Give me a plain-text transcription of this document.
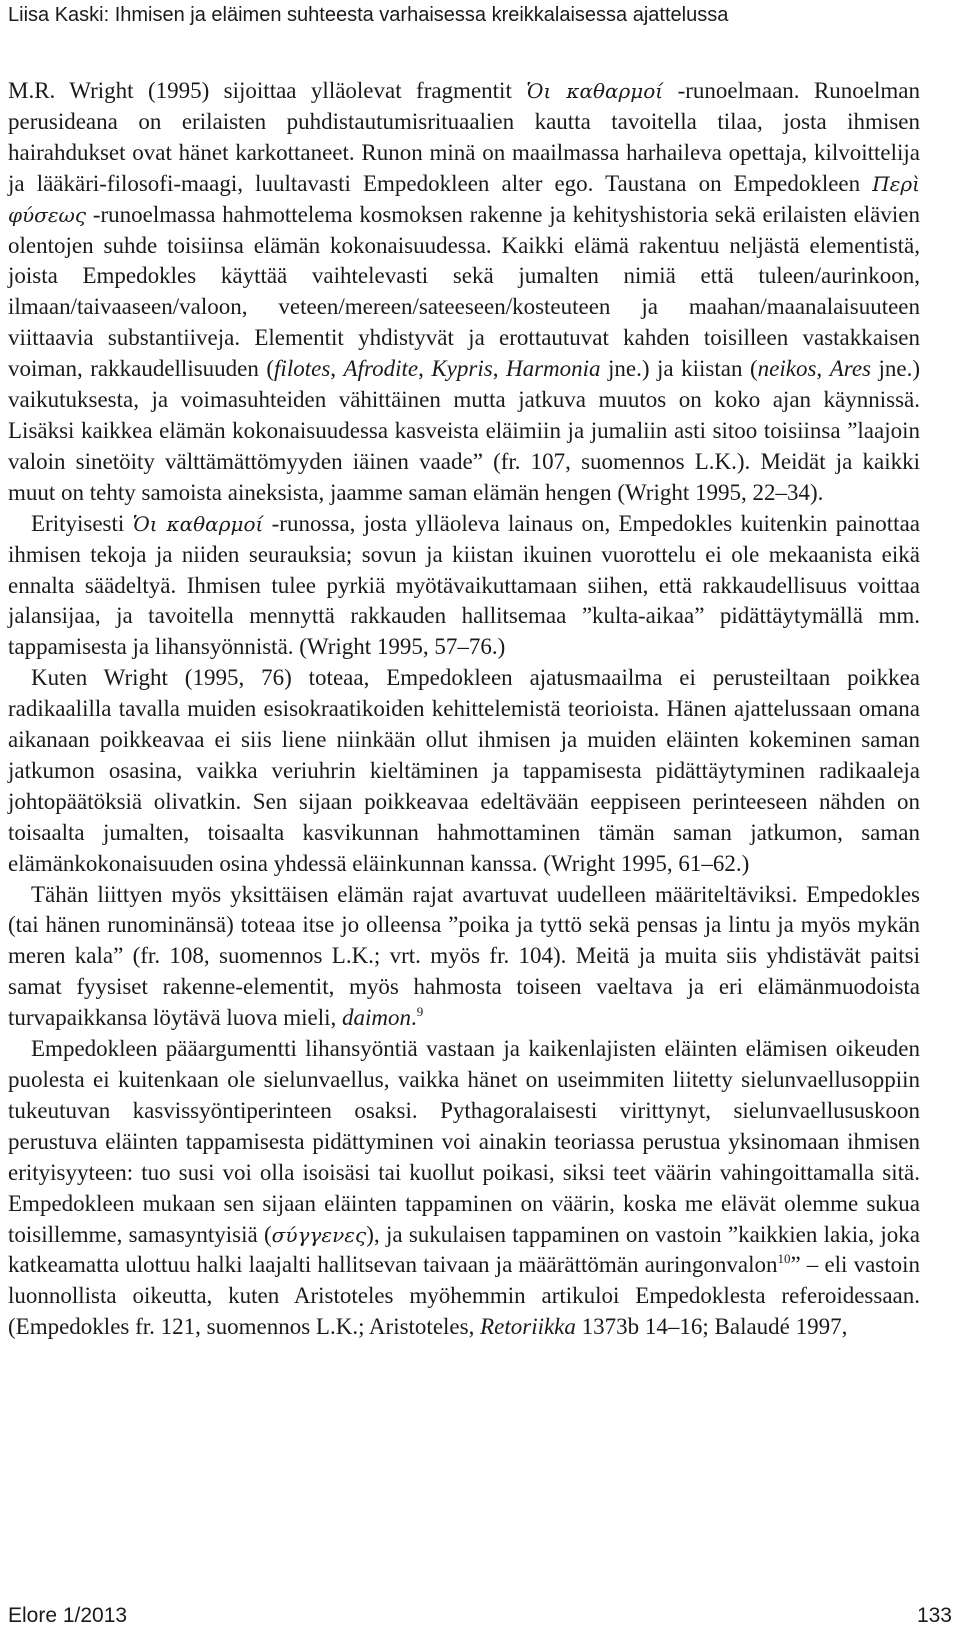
Liisa Kaski: Ihmisen ja eläimen suhteesta varhaisessa kreikkalaisessa ajattelussa

M.R. Wright (1995) sijoittaa ylläolevat fragmentit Ὁι καθαρμοί -runoelmaan. Runoelman perusideana on erilaisten puhdistautumisrituaalien kautta tavoitella tilaa, josta ihmisen hairahdukset ovat hänet karkottaneet. Runon minä on maailmassa harhaileva opettaja, kilvoittelija ja lääkäri-filosofi-maagi, luultavasti Empedokleen alter ego. Taustana on Empedokleen Περὶ φύσεως -runoelmassa hahmottelema kosmoksen rakenne ja kehityshistoria sekä erilaisten elävien olentojen suhde toisiinsa elämän kokonaisuudessa. Kaikki elämä rakentuu neljästä elementistä, joista Empedokles käyttää vaihtelevasti sekä jumalten nimiä että tuleen/aurinkoon, ilmaan/taivaaseen/valoon, veteen/mereen/sateeseen/kosteuteen ja maahan/maanalaisuuteen viittaavia substantiiveja. Elementit yhdistyvät ja erottautuvat kahden toisilleen vastakkaisen voiman, rakkaudellisuuden (filotes, Afrodite, Kypris, Harmonia jne.) ja kiistan (neikos, Ares jne.) vaikutuksesta, ja voimasuhteiden vähittäinen mutta jatkuva muutos on koko ajan käynnissä. Lisäksi kaikkea elämän kokonaisuudessa kasveista eläimiin ja jumaliin asti sitoo toisiinsa ”laajoin valoin sinetöity välttämättömyyden iäinen vaade” (fr. 107, suomennos L.K.). Meidät ja kaikki muut on tehty samoista aineksista, jaamme saman elämän hengen (Wright 1995, 22–34).

Erityisesti Ὁι καθαρμοί -runossa, josta ylläoleva lainaus on, Empedokles kuitenkin painottaa ihmisen tekoja ja niiden seurauksia; sovun ja kiistan ikuinen vuorottelu ei ole mekaanista eikä ennalta säädeltyä. Ihmisen tulee pyrkiä myötävaikuttamaan siihen, että rakkaudellisuus voittaa jalansijaa, ja tavoitella mennyttä rakkauden hallitsemaa ”kulta-aikaa” pidättäytymällä mm. tappamisesta ja lihansyönnistä. (Wright 1995, 57–76.)

Kuten Wright (1995, 76) toteaa, Empedokleen ajatusmaailma ei perusteiltaan poikkea radikaalilla tavalla muiden esisokraatikoiden kehittelemistä teorioista. Hänen ajattelussaan omana aikanaan poikkeavaa ei siis liene niinkään ollut ihmisen ja muiden eläinten kokeminen saman jatkumon osasina, vaikka veriuhrin kieltäminen ja tappamisesta pidättäytyminen radikaaleja johtopäätöksiä olivatkin. Sen sijaan poikkeavaa edeltävään eeppiseen perinteeseen nähden on toisaalta jumalten, toisaalta kasvikunnan hahmottaminen tämän saman jatkumon, saman elämänkokonaisuuden osina yhdessä eläinkunnan kanssa. (Wright 1995, 61–62.)

Tähän liittyen myös yksittäisen elämän rajat avartuvat uudelleen määriteltäviksi. Empedokles (tai hänen runominänsä) toteaa itse jo olleensa ”poika ja tyttö sekä pensas ja lintu ja myös mykän meren kala” (fr. 108, suomennos L.K.; vrt. myös fr. 104). Meitä ja muita siis yhdistävät paitsi samat fyysiset rakenne-elementit, myös hahmosta toiseen vaeltava ja eri elämänmuodoista turvapaikkansa löytävä luova mieli, daimon.$^9$

Empedokleen pääargumentti lihansyöntiä vastaan ja kaikenlajisten eläinten elämisen oikeuden puolesta ei kuitenkaan ole sielunvaellus, vaikka hänet on useimmiten liitetty sielunvaellusoppiin tukeutuvan kasvissyöntiperinteen osaksi. Pythagoralaisesti virittynyt, sielunvaellususkoon perustuva eläinten tappamisesta pidättyminen voi ainakin teoriassa perustua yksinomaan ihmisen erityisyyteen: tuo susi voi olla isoisäsi tai kuollut poikasi, siksi teet väärin vahingoittamalla sitä. Empedokleen mukaan sen sijaan eläinten tappaminen on väärin, koska me elävät olemme sukua toisillemme, samasyntyisiä (σύγγενες), ja sukulaisen tappaminen on vastoin ”kaikkien lakia, joka katkeamatta ulottuu halki laajalti hallitsevan taivaan ja määrättömän auringonvalon$^{10}$” – eli vastoin luonnollista oikeutta, kuten Aristoteles myöhemmin artikuloi Empedoklesta referoidessaan. (Empedokles fr. 121, suomennos L.K.; Aristoteles, Retoriikka 1373b 14–16; Balaudé 1997,

Elore 1/2013	133
